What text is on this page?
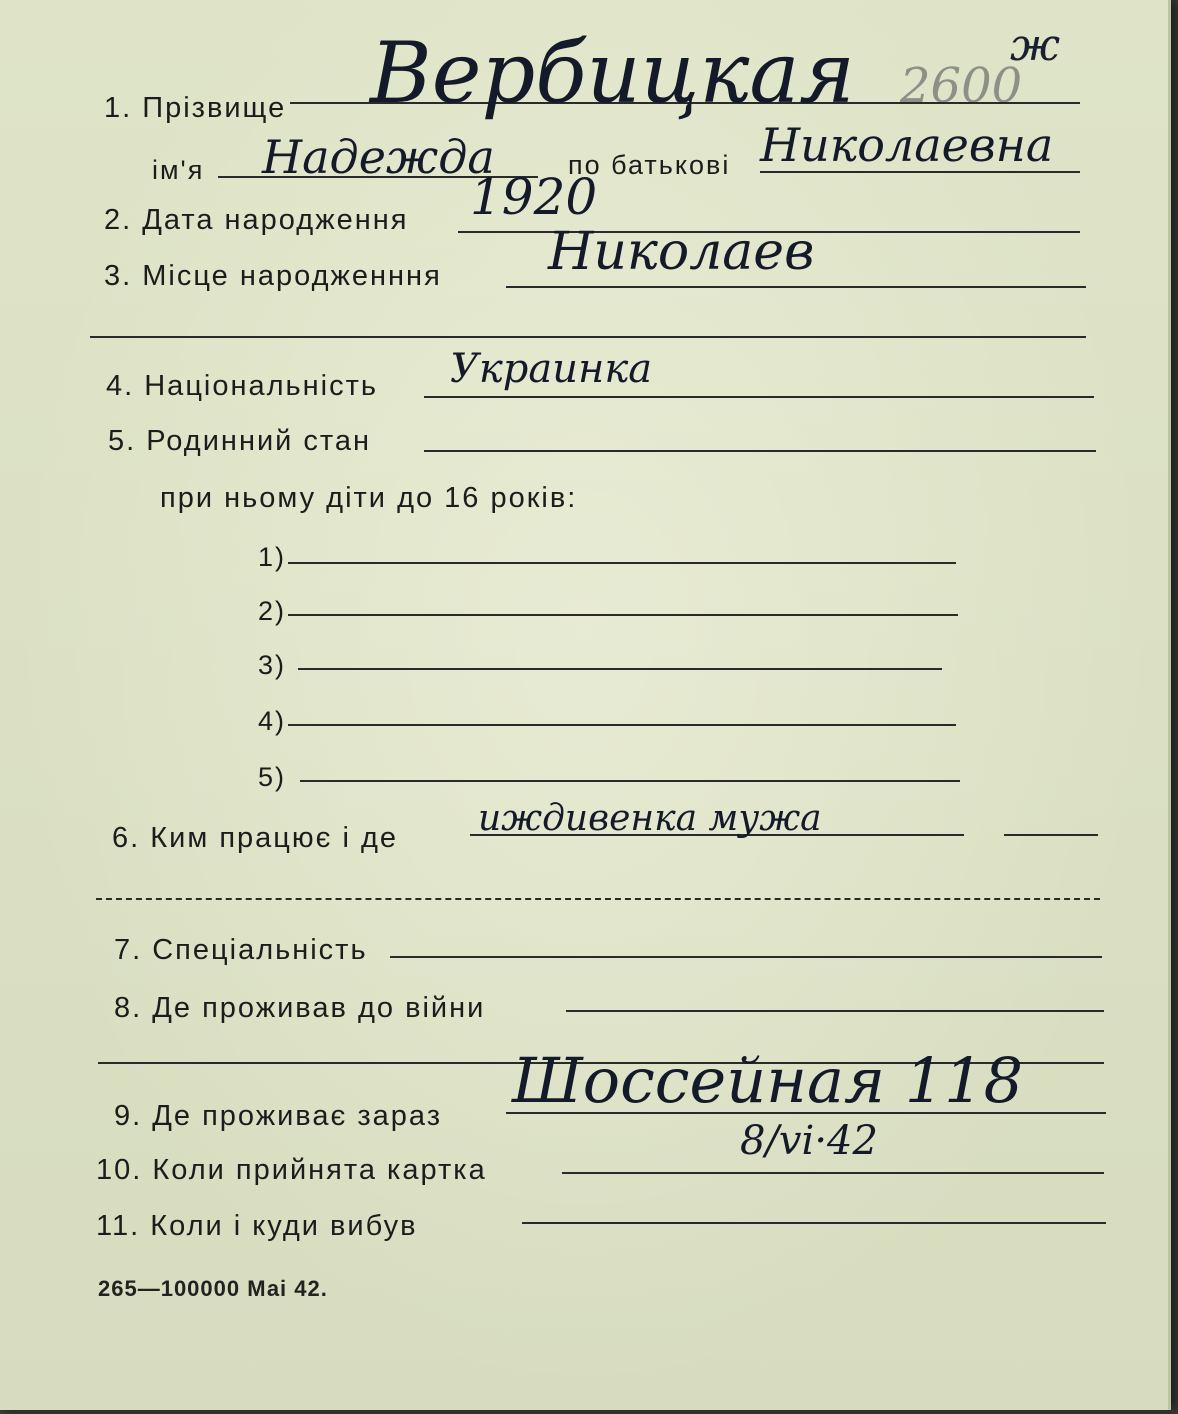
ж
2600
1. Прізвище Вербицкая
ім'я Надежда	по батькові Николаевна
2. Дата народження 1920
3. Місце народженння Николаев
4. Національність Украинка
5. Родинний стан
при ньому діти до 16 років:
1)
2)
3)
4)
5)
6. Ким працює і де иждивенка мужа
7. Спеціальність
8. Де проживав до війни
9. Де проживає зараз Шоссейная 118
10. Коли прийнята картка
8/vi·42
11. Коли і куди вибув
265—100000 Маі 42.
